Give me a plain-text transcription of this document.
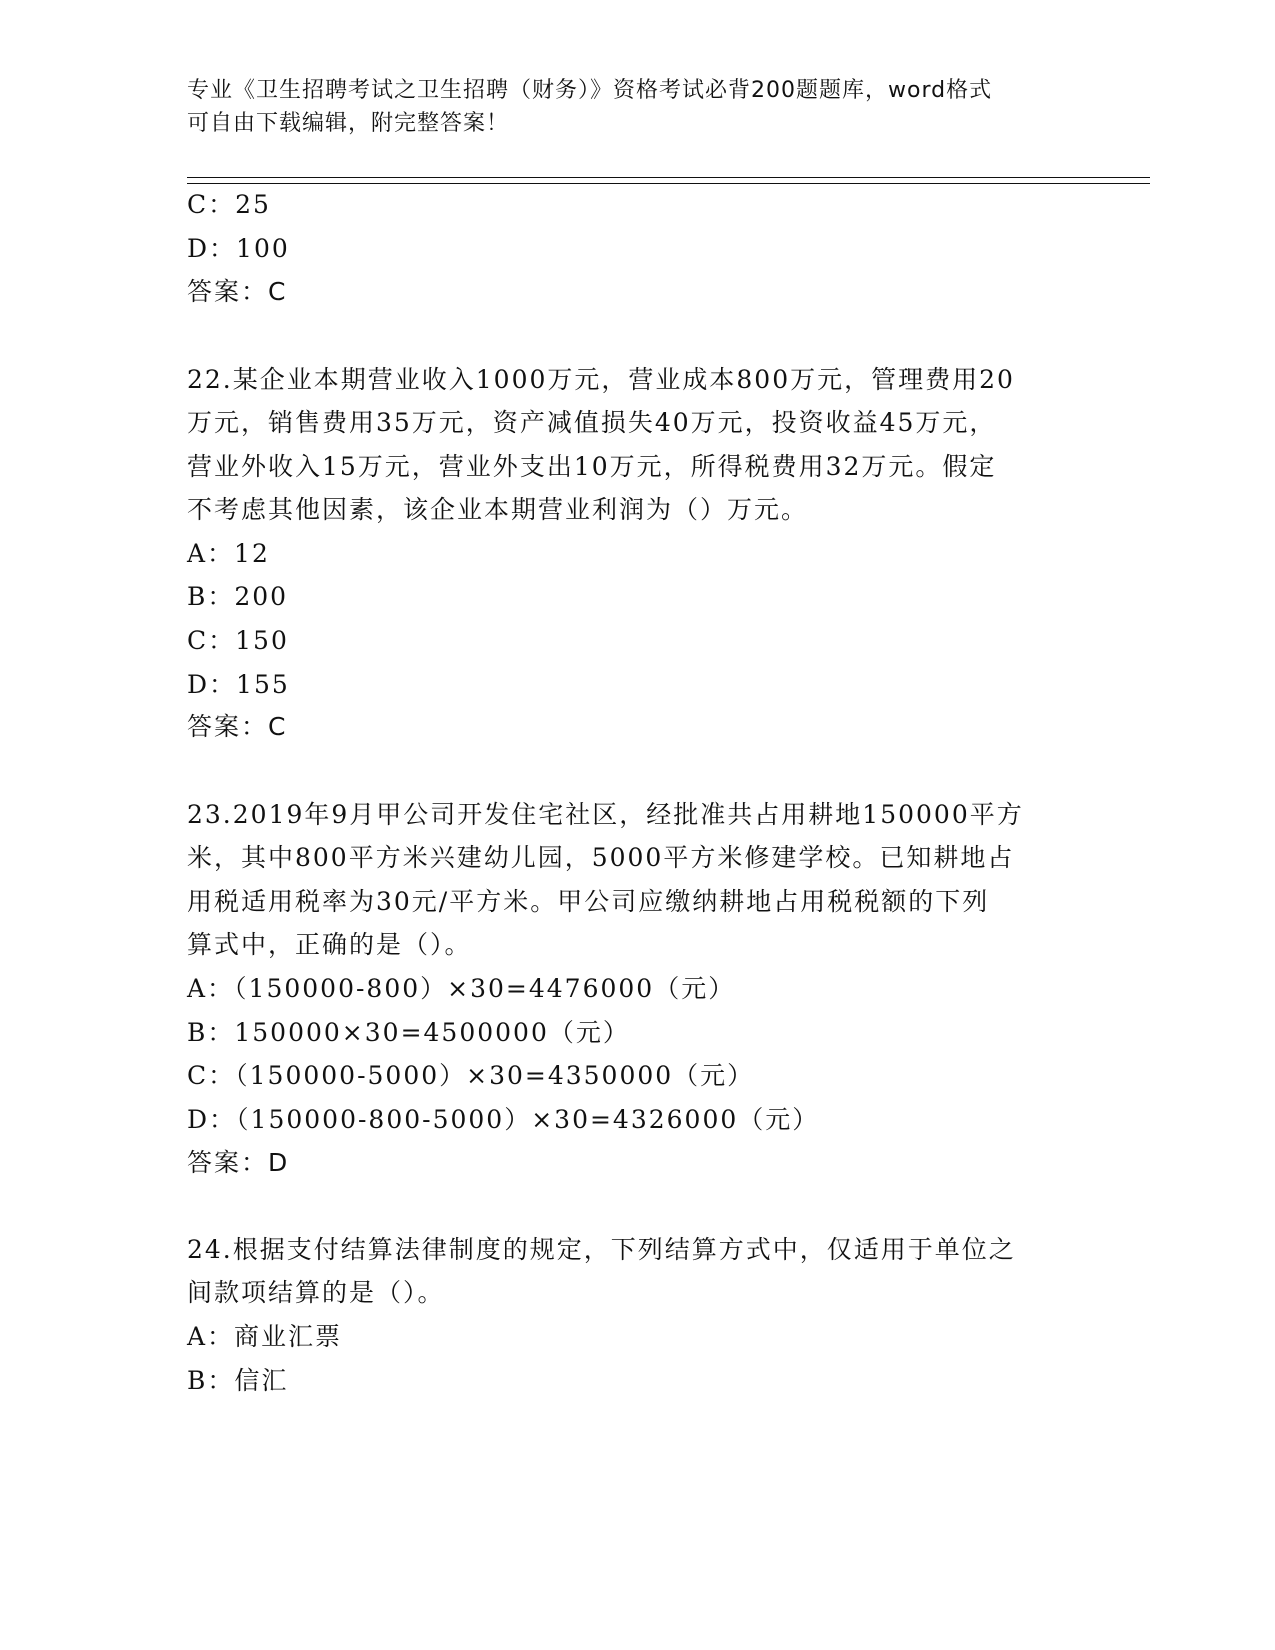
专业《卫生招聘考试之卫生招聘（财务）》资格考试必背200题题库，word格式
可自由下载编辑，附完整答案！
C：25
D：100
答案：C
22.某企业本期营业收入1000万元，营业成本800万元，管理费用20
万元，销售费用35万元，资产减值损失40万元，投资收益45万元，
营业外收入15万元，营业外支出10万元，所得税费用32万元。假定
不考虑其他因素，该企业本期营业利润为（）万元。
A：12
B：200
C：150
D：155
答案：C
23.2019年9月甲公司开发住宅社区，经批准共占用耕地150000平方
米，其中800平方米兴建幼儿园，5000平方米修建学校。已知耕地占
用税适用税率为30元/平方米。甲公司应缴纳耕地占用税税额的下列
算式中，正确的是（）。
A：（150000-800）×30=4476000（元）
B：150000×30=4500000（元）
C：（150000-5000）×30=4350000（元）
D：（150000-800-5000）×30=4326000（元）
答案：D
24.根据支付结算法律制度的规定，下列结算方式中，仅适用于单位之
间款项结算的是（）。
A：商业汇票
B：信汇
